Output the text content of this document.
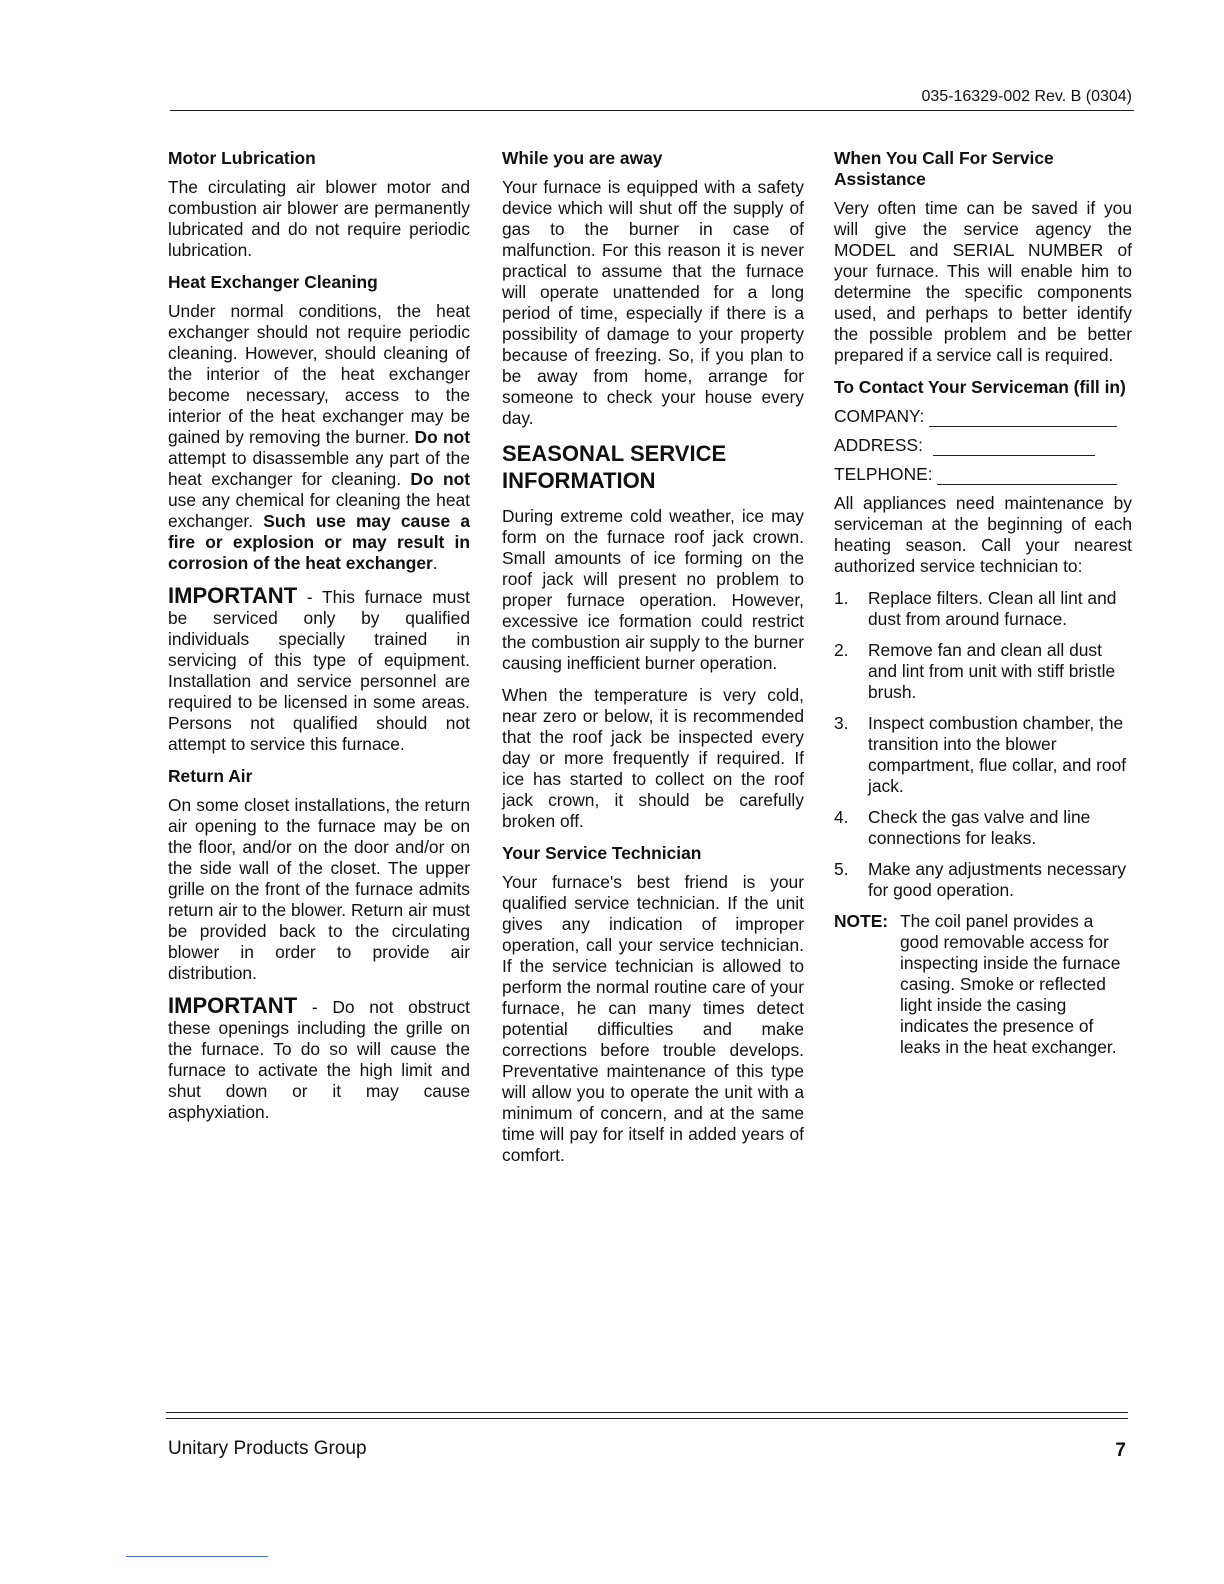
035-16329-002 Rev. B (0304)
Motor Lubrication

The circulating air blower motor and combustion air blower are permanently lubricated and do not require periodic lubrication.

Heat Exchanger Cleaning

Under normal conditions, the heat exchanger should not require periodic cleaning. However, should cleaning of the interior of the heat exchanger become necessary, access to the interior of the heat exchanger may be gained by removing the burner. Do not attempt to disassemble any part of the heat exchanger for cleaning. Do not use any chemical for cleaning the heat exchanger. Such use may cause a fire or explosion or may result in corrosion of the heat exchanger.

IMPORTANT - This furnace must be serviced only by qualified individuals specially trained in servicing of this type of equipment. Installation and service personnel are required to be licensed in some areas. Persons not qualified should not attempt to service this furnace.

Return Air

On some closet installations, the return air opening to the furnace may be on the floor, and/or on the door and/or on the side wall of the closet. The upper grille on the front of the furnace admits return air to the blower. Return air must be provided back to the circulating blower in order to provide air distribution.

IMPORTANT - Do not obstruct these openings including the grille on the furnace. To do so will cause the furnace to activate the high limit and shut down or it may cause asphyxiation.

While you are away

Your furnace is equipped with a safety device which will shut off the supply of gas to the burner in case of malfunction. For this reason it is never practical to assume that the furnace will operate unattended for a long period of time, especially if there is a possibility of damage to your property because of freezing. So, if you plan to be away from home, arrange for someone to check your house every day.

SEASONAL SERVICE INFORMATION

During extreme cold weather, ice may form on the furnace roof jack crown. Small amounts of ice forming on the roof jack will present no problem to proper furnace operation. However, excessive ice formation could restrict the combustion air supply to the burner causing inefficient burner operation.

When the temperature is very cold, near zero or below, it is recommended that the roof jack be inspected every day or more frequently if required. If ice has started to collect on the roof jack crown, it should be carefully broken off.

Your Service Technician

Your furnace's best friend is your qualified service technician. If the unit gives any indication of improper operation, call your service technician. If the service technician is allowed to perform the normal routine care of your furnace, he can many times detect potential difficulties and make corrections before trouble develops. Preventative maintenance of this type will allow you to operate the unit with a minimum of concern, and at the same time will pay for itself in added years of comfort.

When You Call For Service Assistance

Very often time can be saved if you will give the service agency the MODEL and SERIAL NUMBER of your furnace. This will enable him to determine the specific components used, and perhaps to better identify the possible problem and be better prepared if a service call is required.

To Contact Your Serviceman (fill in)
COMPANY:
ADDRESS:
TELPHONE:

All appliances need maintenance by serviceman at the beginning of each heating season. Call your nearest authorized service technician to:

1.	Replace filters. Clean all lint and dust from around furnace.
2.	Remove fan and clean all dust and lint from unit with stiff bristle brush.
3.	Inspect combustion chamber, the transition into the blower compartment, flue collar, and roof jack.
4.	Check the gas valve and line connections for leaks.
5.	Make any adjustments necessary for good operation.
NOTE: The coil panel provides a good removable access for inspecting inside the furnace casing. Smoke or reflected light inside the casing indicates the presence of leaks in the heat exchanger.
Unitary Products Group	7
